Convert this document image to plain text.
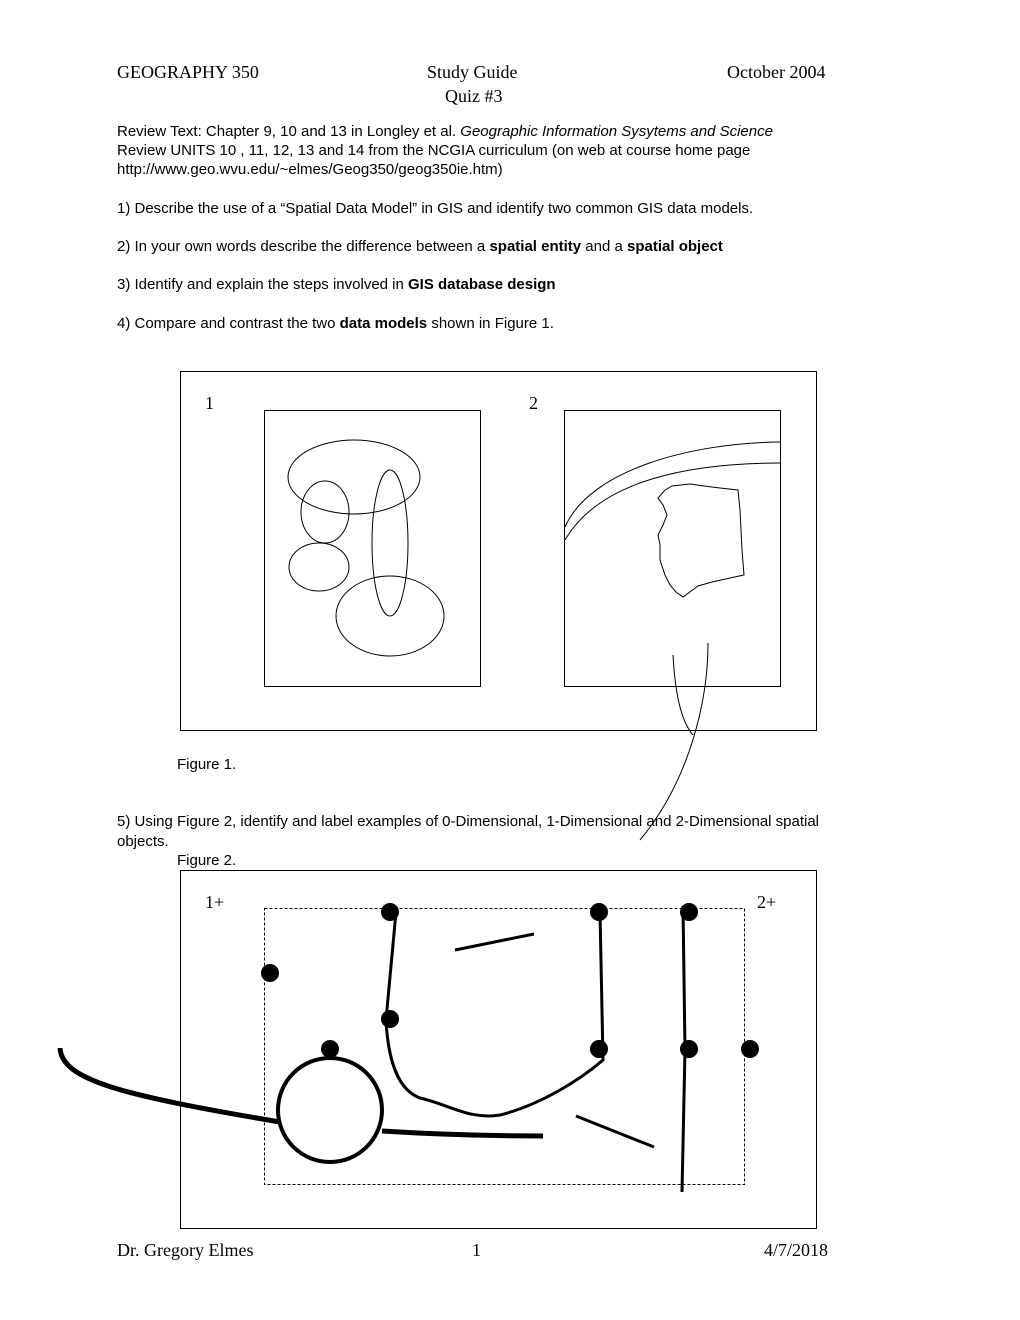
GEOGRAPHY 350	Study Guide	October 2004
Quiz #3
Review Text: Chapter 9, 10 and 13 in Longley et al. Geographic Information Sysytems and Science
Review UNITS 10 , 11, 12, 13 and 14 from the NCGIA curriculum (on web at course home page
http://www.geo.wvu.edu/~elmes/Geog350/geog350ie.htm)
1) Describe the use of a “Spatial Data Model” in GIS and identify two common GIS data models.
2) In your own words describe the difference between a spatial entity and a spatial object
3) Identify and explain the steps involved in GIS database design
4) Compare and contrast the two data models shown in Figure 1.
1	2
Figure 1.
5) Using Figure 2, identify and label examples of 0-Dimensional, 1-Dimensional and 2-Dimensional spatial
objects.
Figure 2.
1+	2+
Dr. Gregory Elmes	1	4/7/2018
